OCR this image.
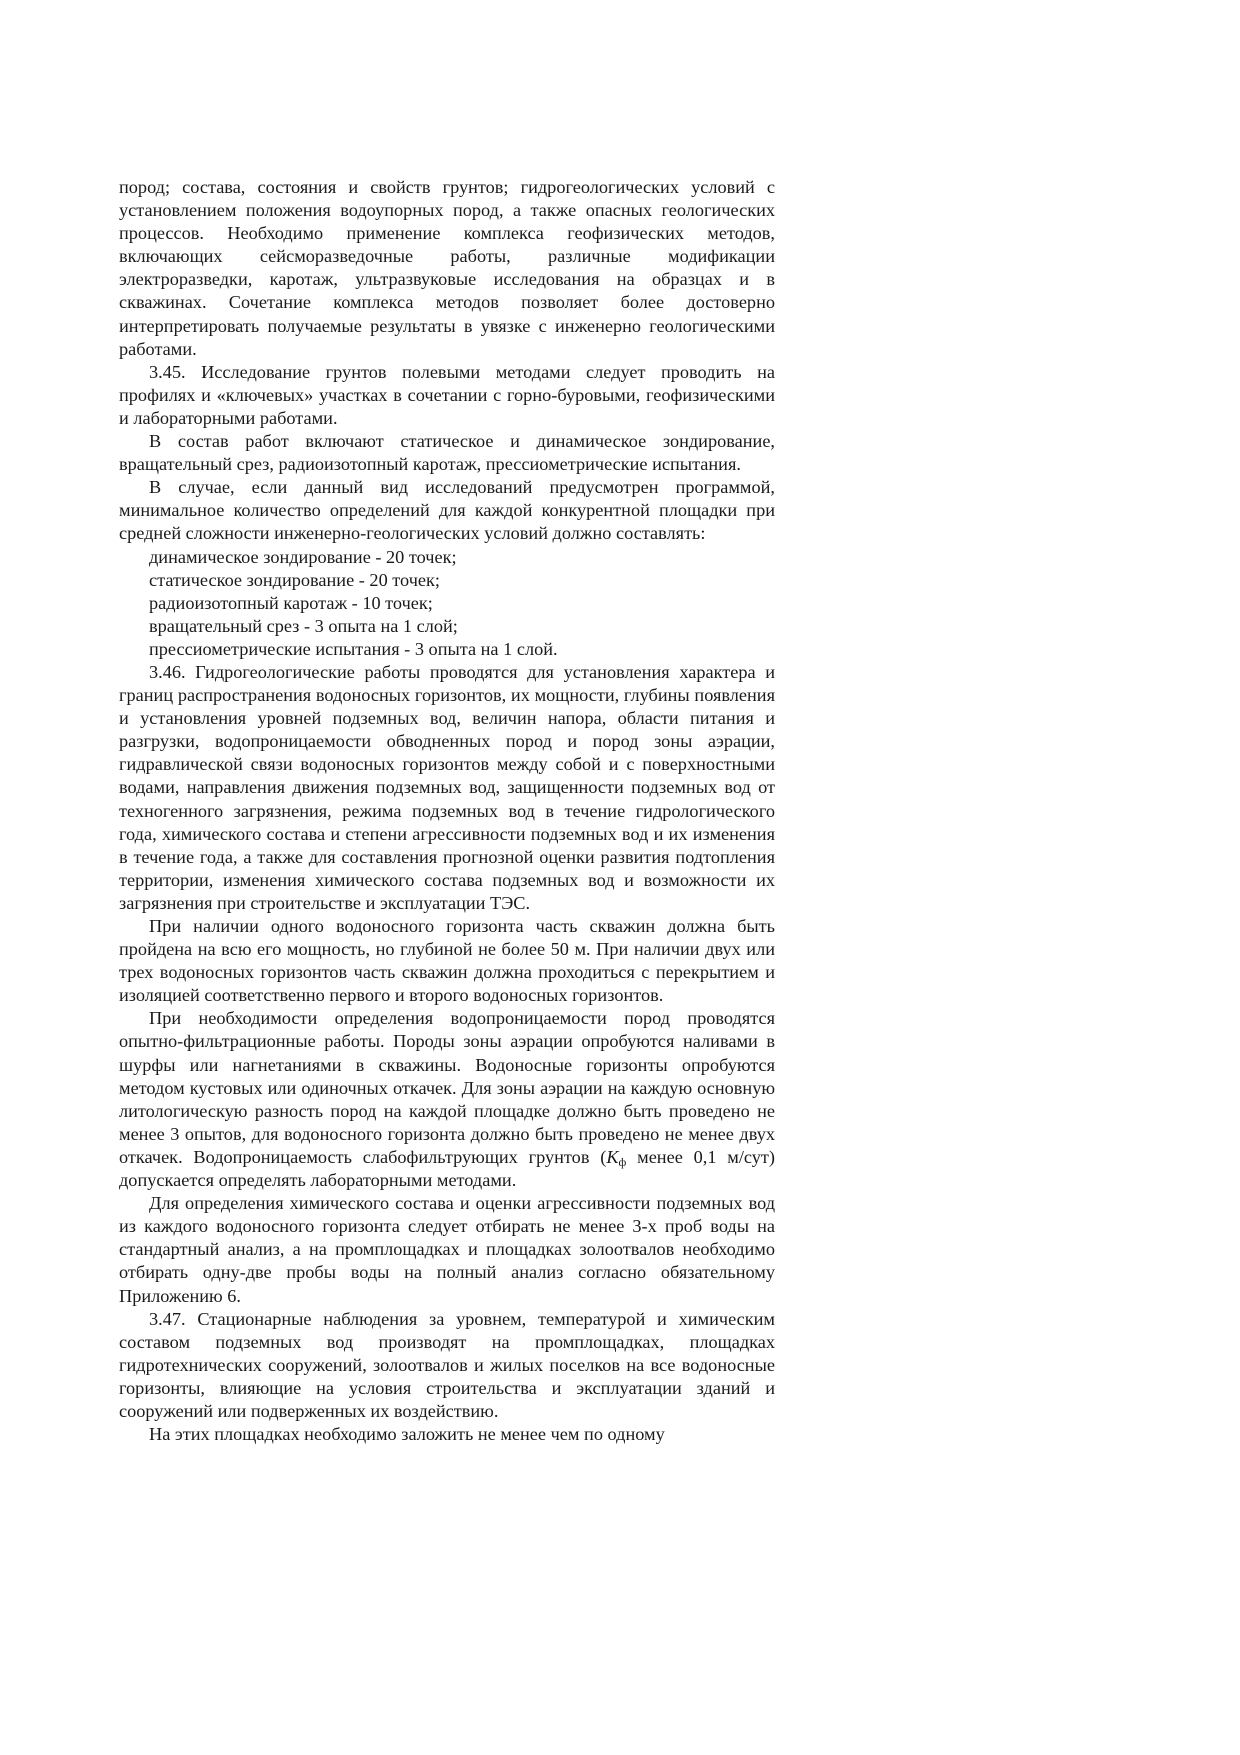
пород; состава, состояния и свойств грунтов; гидрогеологических условий с установлением положения водоупорных пород, а также опасных геологических процессов. Необходимо применение комплекса геофизических методов, включающих сейсморазведочные работы, различные модификации электроразведки, каротаж, ультразвуковые исследования на образцах и в скважинах. Сочетание комплекса методов позволяет более достоверно интерпретировать получаемые результаты в увязке с инженерно геологическими работами.

3.45. Исследование грунтов полевыми методами следует проводить на профилях и «ключевых» участках в сочетании с горно-буровыми, геофизическими и лабораторными работами.

В состав работ включают статическое и динамическое зондирование, вращательный срез, радиоизотопный каротаж, прессиометрические испытания.

В случае, если данный вид исследований предусмотрен программой, минимальное количество определений для каждой конкурентной площадки при средней сложности инженерно-геологических условий должно составлять:

динамическое зондирование - 20 точек;

статическое зондирование - 20 точек;

радиоизотопный каротаж - 10 точек;

вращательный срез - 3 опыта на 1 слой;

прессиометрические испытания - 3 опыта на 1 слой.

3.46. Гидрогеологические работы проводятся для установления характера и границ распространения водоносных горизонтов, их мощности, глубины появления и установления уровней подземных вод, величин напора, области питания и разгрузки, водопроницаемости обводненных пород и пород зоны аэрации, гидравлической связи водоносных горизонтов между собой и с поверхностными водами, направления движения подземных вод, защищенности подземных вод от техногенного загрязнения, режима подземных вод в течение гидрологического года, химического состава и степени агрессивности подземных вод и их изменения в течение года, а также для составления прогнозной оценки развития подтопления территории, изменения химического состава подземных вод и возможности их загрязнения при строительстве и эксплуатации ТЭС.

При наличии одного водоносного горизонта часть скважин должна быть пройдена на всю его мощность, но глубиной не более 50 м. При наличии двух или трех водоносных горизонтов часть скважин должна проходиться с перекрытием и изоляцией соответственно первого и второго водоносных горизонтов.

При необходимости определения водопроницаемости пород проводятся опытно-фильтрационные работы. Породы зоны аэрации опробуются наливами в шурфы или нагнетаниями в скважины. Водоносные горизонты опробуются методом кустовых или одиночных откачек. Для зоны аэрации на каждую основную литологическую разность пород на каждой площадке должно быть проведено не менее 3 опытов, для водоносного горизонта должно быть проведено не менее двух откачек. Водопроницаемость слабофильтрующих грунтов ($K_ф$ менее 0,1 м/сут) допускается определять лабораторными методами.

Для определения химического состава и оценки агрессивности подземных вод из каждого водоносного горизонта следует отбирать не менее 3-х проб воды на стандартный анализ, а на промплощадках и площадках золоотвалов необходимо отбирать одну-две пробы воды на полный анализ согласно обязательному Приложению 6.

3.47. Стационарные наблюдения за уровнем, температурой и химическим составом подземных вод производят на промплощадках, площадках гидротехнических сооружений, золоотвалов и жилых поселков на все водоносные горизонты, влияющие на условия строительства и эксплуатации зданий и сооружений или подверженных их воздействию.

На этих площадках необходимо заложить не менее чем по одному
